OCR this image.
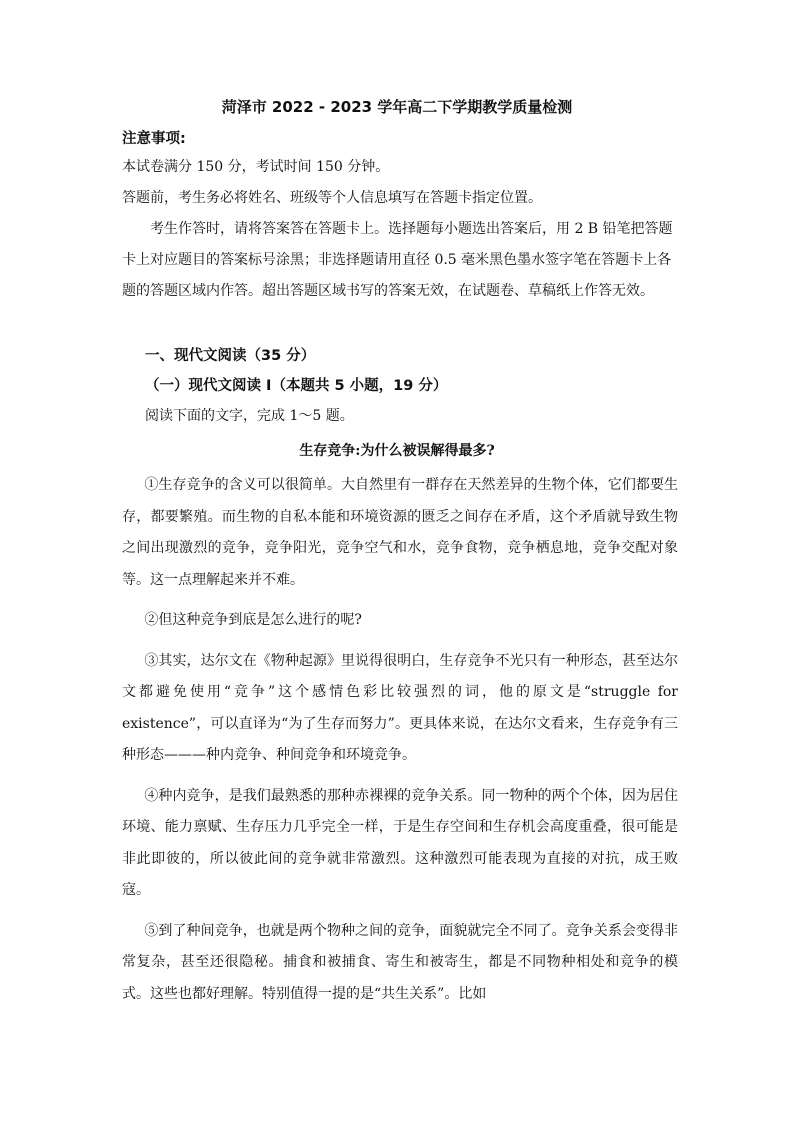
菏泽市 2022 - 2023 学年高二下学期教学质量检测
注意事项:

本试卷满分 150 分，考试时间 150 分钟。

答题前，考生务必将姓名、班级等个人信息填写在答题卡指定位置。

考生作答时，请将答案答在答题卡上。选择题每小题选出答案后，用 2 B 铅笔把答题 卡上对应题目的答案标号涂黑；非选择题请用直径 0.5 毫米黑色墨水签字笔在答题卡上各题的答题区域内作答。超出答题区域书写的答案无效，在试题卷、草稿纸上作答无效。

一、现代文阅读（35 分）
（一）现代文阅读 I（本题共 5 小题，19 分）
阅读下面的文字，完成 1～5 题。
生存竞争:为什么被误解得最多?

①生存竞争的含义可以很简单。大自然里有一群存在天然差异的生物个体，它们都要生存，都要繁殖。而生物的自私本能和环境资源的匮乏之间存在矛盾，这个矛盾就导致生物之间出现激烈的竞争，竞争阳光，竞争空气和水，竞争食物，竞争栖息地，竞争交配对象等。这一点理解起来并不难。

②但这种竞争到底是怎么进行的呢?

③其实，达尔文在《物种起源》里说得很明白，生存竞争不光只有一种形态，甚至达尔文都避免使用“竞争”这个感情色彩比较强烈的词，他的原文是“struggle for existence”，可以直译为“为了生存而努力”。更具体来说，在达尔文看来，生存竞争有三种形态———种内竞争、种间竞争和环境竞争。

④种内竞争，是我们最熟悉的那种赤裸裸的竞争关系。同一物种的两个个体，因为居住环境、能力禀赋、生存压力几乎完全一样，于是生存空间和生存机会高度重叠，很可能是非此即彼的，所以彼此间的竞争就非常激烈。这种激烈可能表现为直接的对抗，成王败寇。

⑤到了种间竞争，也就是两个物种之间的竞争，面貌就完全不同了。竞争关系会变得非常复杂，甚至还很隐秘。捕食和被捕食、寄生和被寄生，都是不同物种相处和竞争的模式。这些也都好理解。特别值得一提的是“共生关系”。比如
